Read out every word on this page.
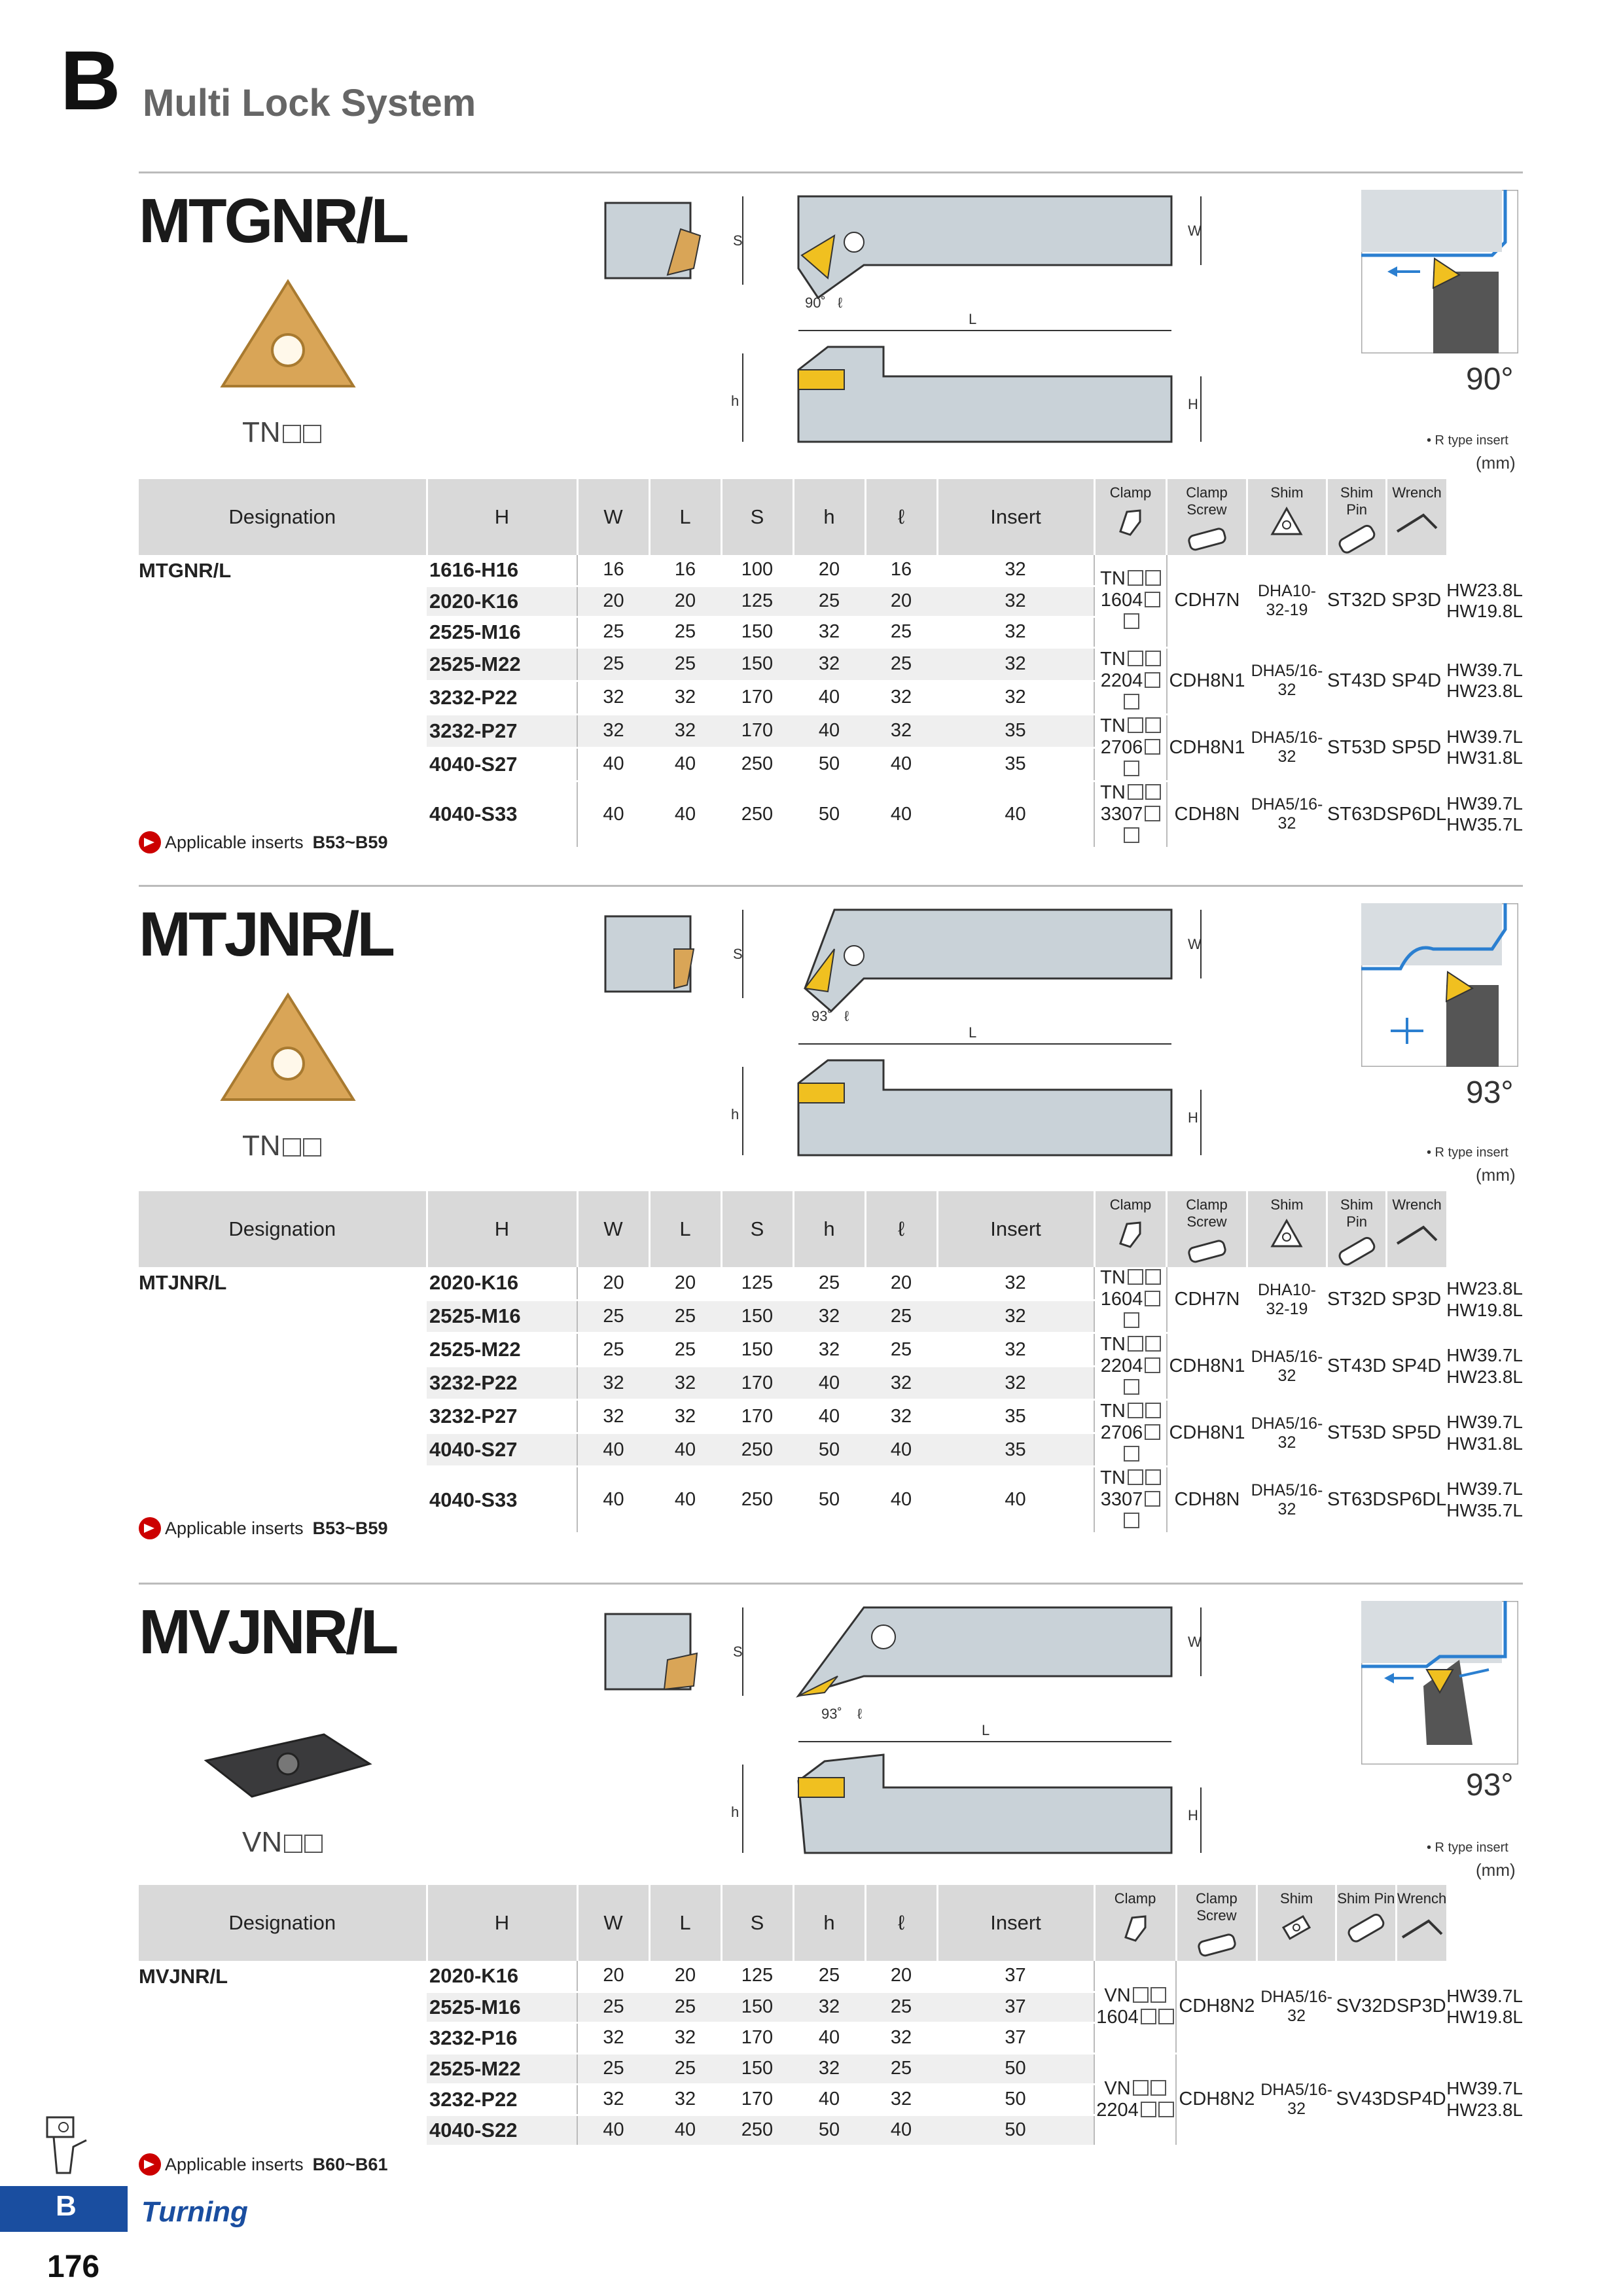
B Multi Lock System
MTGNR/L
TN
S
W
L
90˚ ℓ
h	H
90°
• R type insert
(mm)
Designation	H	W	L	S	h	ℓ	Insert	Clamp	Clamp Screw	Shim	Shim Pin	Wrench	

MTGNR/L	1616-H16	16	16	100	20	16	32	TN1604	CDH7N	DHA10-32-19	ST32D	SP3D	HW23.8L
HW19.8L
	2020-K16	20	20	125	25	20	32						
	2525-M16	25	25	150	32	25	32						
	2525-M22	25	25	150	32	25	32	TN2204	CDH8N1	DHA5/16-32	ST43D	SP4D	HW39.7L
HW23.8L
	3232-P22	32	32	170	40	32	32						
	3232-P27	32	32	170	40	32	35	TN2706	CDH8N1	DHA5/16-32	ST53D	SP5D	HW39.7L
HW31.8L
	4040-S27	40	40	250	50	40	35						
	4040-S33	40	40	250	50	40	40	TN3307	CDH8N	DHA5/16-32	ST63D	SP6DL	HW39.7L
HW35.7L
Applicable inserts B53~B59
MTJNR/L
TN
S
W
L
93˚ ℓ
h	H
93°
• R type insert
(mm)
Designation	H	W	L	S	h	ℓ	Insert	Clamp	Clamp Screw	Shim	Shim Pin	Wrench	

MTJNR/L	2020-K16	20	20	125	25	20	32	TN1604	CDH7N	DHA10-32-19	ST32D	SP3D	HW23.8L
HW19.8L
	2525-M16	25	25	150	32	25	32						
	2525-M22	25	25	150	32	25	32	TN2204	CDH8N1	DHA5/16-32	ST43D	SP4D	HW39.7L
HW23.8L
	3232-P22	32	32	170	40	32	32						
	3232-P27	32	32	170	40	32	35	TN2706	CDH8N1	DHA5/16-32	ST53D	SP5D	HW39.7L
HW31.8L
	4040-S27	40	40	250	50	40	35						
	4040-S33	40	40	250	50	40	40	TN3307	CDH8N	DHA5/16-32	ST63D	SP6DL	HW39.7L
HW35.7L
Applicable inserts B53~B59
MVJNR/L
VN
S
W
L
93˚ ℓ
h	H
93°
• R type insert
(mm)
Designation	H	W	L	S	h	ℓ	Insert	Clamp	Clamp Screw	Shim	Shim Pin	Wrench	

MVJNR/L	2020-K16	20	20	125	25	20	37	VN1604	CDH8N2	DHA5/16-32	SV32D	SP3D	HW39.7L
HW19.8L
	2525-M16	25	25	150	32	25	37						
	3232-P16	32	32	170	40	32	37						
	2525-M22	25	25	150	32	25	50	VN2204	CDH8N2	DHA5/16-32	SV43D	SP4D	HW39.7L
HW23.8L
	3232-P22	32	32	170	40	32	50						
	4040-S22	40	40	250	50	40	50						
Applicable inserts B60~B61
B Turning
176
